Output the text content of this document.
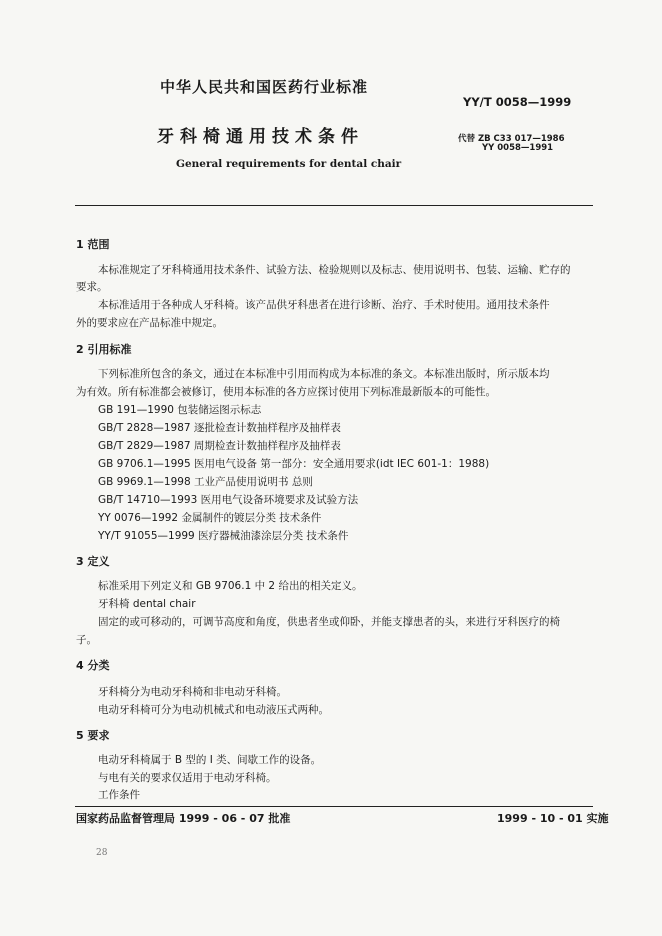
中华人民共和国医药行业标准
YY/T 0058—1999
牙科椅通用技术条件	代替 ZB C33 017—1986
YY 0058—1991
General requirements for dental chair
1 范围
本标准规定了牙科椅通用技术条件、试验方法、检验规则以及标志、使用说明书、包装、运输、贮存的
要求。
本标准适用于各种成人牙科椅。该产品供牙科患者在进行诊断、治疗、手术时使用。通用技术条件
外的要求应在产品标准中规定。
2 引用标准
下列标准所包含的条文，通过在本标准中引用而构成为本标准的条文。本标准出版时，所示版本均
为有效。所有标准都会被修订，使用本标准的各方应探讨使用下列标准最新版本的可能性。
GB 191—1990 包装储运图示标志
GB/T 2828—1987 逐批检查计数抽样程序及抽样表
GB/T 2829—1987 周期检查计数抽样程序及抽样表
GB 9706.1—1995 医用电气设备 第一部分：安全通用要求(idt IEC 601-1：1988)
GB 9969.1—1998 工业产品使用说明书 总则
GB/T 14710—1993 医用电气设备环境要求及试验方法
YY 0076—1992 金属制件的镀层分类 技术条件
YY/T 91055—1999 医疗器械油漆涂层分类 技术条件
3 定义
标准采用下列定义和 GB 9706.1 中 2 给出的相关定义。
牙科椅 dental chair
固定的或可移动的，可调节高度和角度，供患者坐或仰卧，并能支撑患者的头，来进行牙科医疗的椅
子。
4 分类
牙科椅分为电动牙科椅和非电动牙科椅。
电动牙科椅可分为电动机械式和电动液压式两种。
5 要求
电动牙科椅属于 B 型的 Ⅰ 类、间歇工作的设备。
与电有关的要求仅适用于电动牙科椅。
工作条件
国家药品监督管理局 1999 - 06 - 07 批准	1999 - 10 - 01 实施
28
